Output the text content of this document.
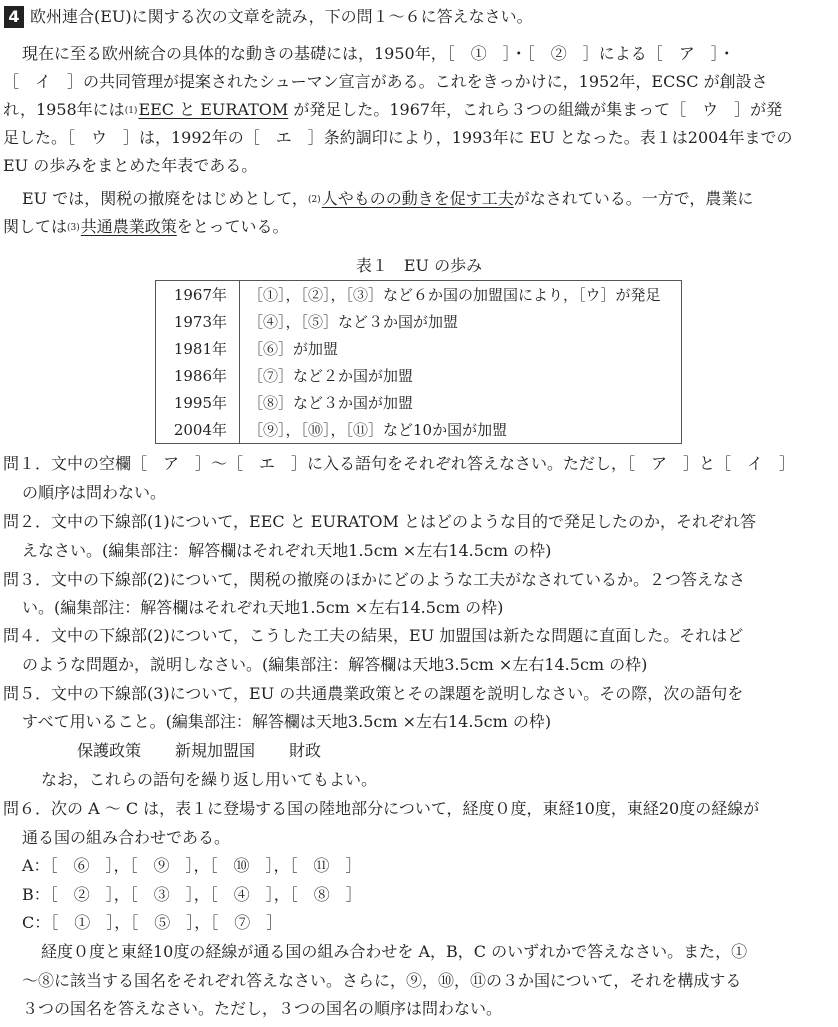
4 欧州連合(EU)に関する次の文章を読み，下の問１～６に答えなさい。
現在に至る欧州統合の具体的な動きの基礎には，1950年，［　①　］・［　②　］による［　ア　］・
［　イ　］の共同管理が提案されたシューマン宣言がある。これをきっかけに，1952年，ECSC が創設さ
れ，1958年には(1)EEC と EURATOM が発足した。1967年，これら３つの組織が集まって［　ウ　］が発
足した。［　ウ　］は，1992年の［　エ　］条約調印により，1993年に EU となった。表１は2004年までの
EU の歩みをまとめた年表である。
EU では，関税の撤廃をはじめとして，(2)人やものの動きを促す工夫がなされている。一方で，農業に
関しては(3)共通農業政策をとっている。
表１　EU の歩み
1967年	［①］，［②］，［③］など６か国の加盟国により，［ウ］が発足
1973年	［④］，［⑤］など３か国が加盟
1981年	［⑥］が加盟
1986年	［⑦］など２か国が加盟
1995年	［⑧］など３か国が加盟
2004年	［⑨］，［⑩］，［⑪］など10か国が加盟
問１．文中の空欄［　ア　］～［　エ　］に入る語句をそれぞれ答えなさい。ただし，［　ア　］と［　イ　］
の順序は問わない。
問２．文中の下線部(1)について，EEC と EURATOM とはどのような目的で発足したのか，それぞれ答
えなさい。(編集部注：解答欄はそれぞれ天地1.5cm ×左右14.5cm の枠)
問３．文中の下線部(2)について，関税の撤廃のほかにどのような工夫がなされているか。２つ答えなさ
い。(編集部注：解答欄はそれぞれ天地1.5cm ×左右14.5cm の枠)
問４．文中の下線部(2)について，こうした工夫の結果，EU 加盟国は新たな問題に直面した。それはど
のような問題か，説明しなさい。(編集部注：解答欄は天地3.5cm ×左右14.5cm の枠)
問５．文中の下線部(3)について，EU の共通農業政策とその課題を説明しなさい。その際，次の語句を
すべて用いること。(編集部注：解答欄は天地3.5cm ×左右14.5cm の枠)
保護政策 新規加盟国 財政
なお，これらの語句を繰り返し用いてもよい。
問６．次の A ～ C は，表１に登場する国の陸地部分について，経度０度，東経10度，東経20度の経線が
通る国の組み合わせである。
A：［　⑥　］，［　⑨　］，［　⑩　］，［　⑪　］
B：［　②　］，［　③　］，［　④　］，［　⑧　］
C：［　①　］，［　⑤　］，［　⑦　］
経度０度と東経10度の経線が通る国の組み合わせを A，B，C のいずれかで答えなさい。また，①
～⑧に該当する国名をそれぞれ答えなさい。さらに，⑨，⑩，⑪の３か国について，それを構成する
３つの国名を答えなさい。ただし，３つの国名の順序は問わない。
